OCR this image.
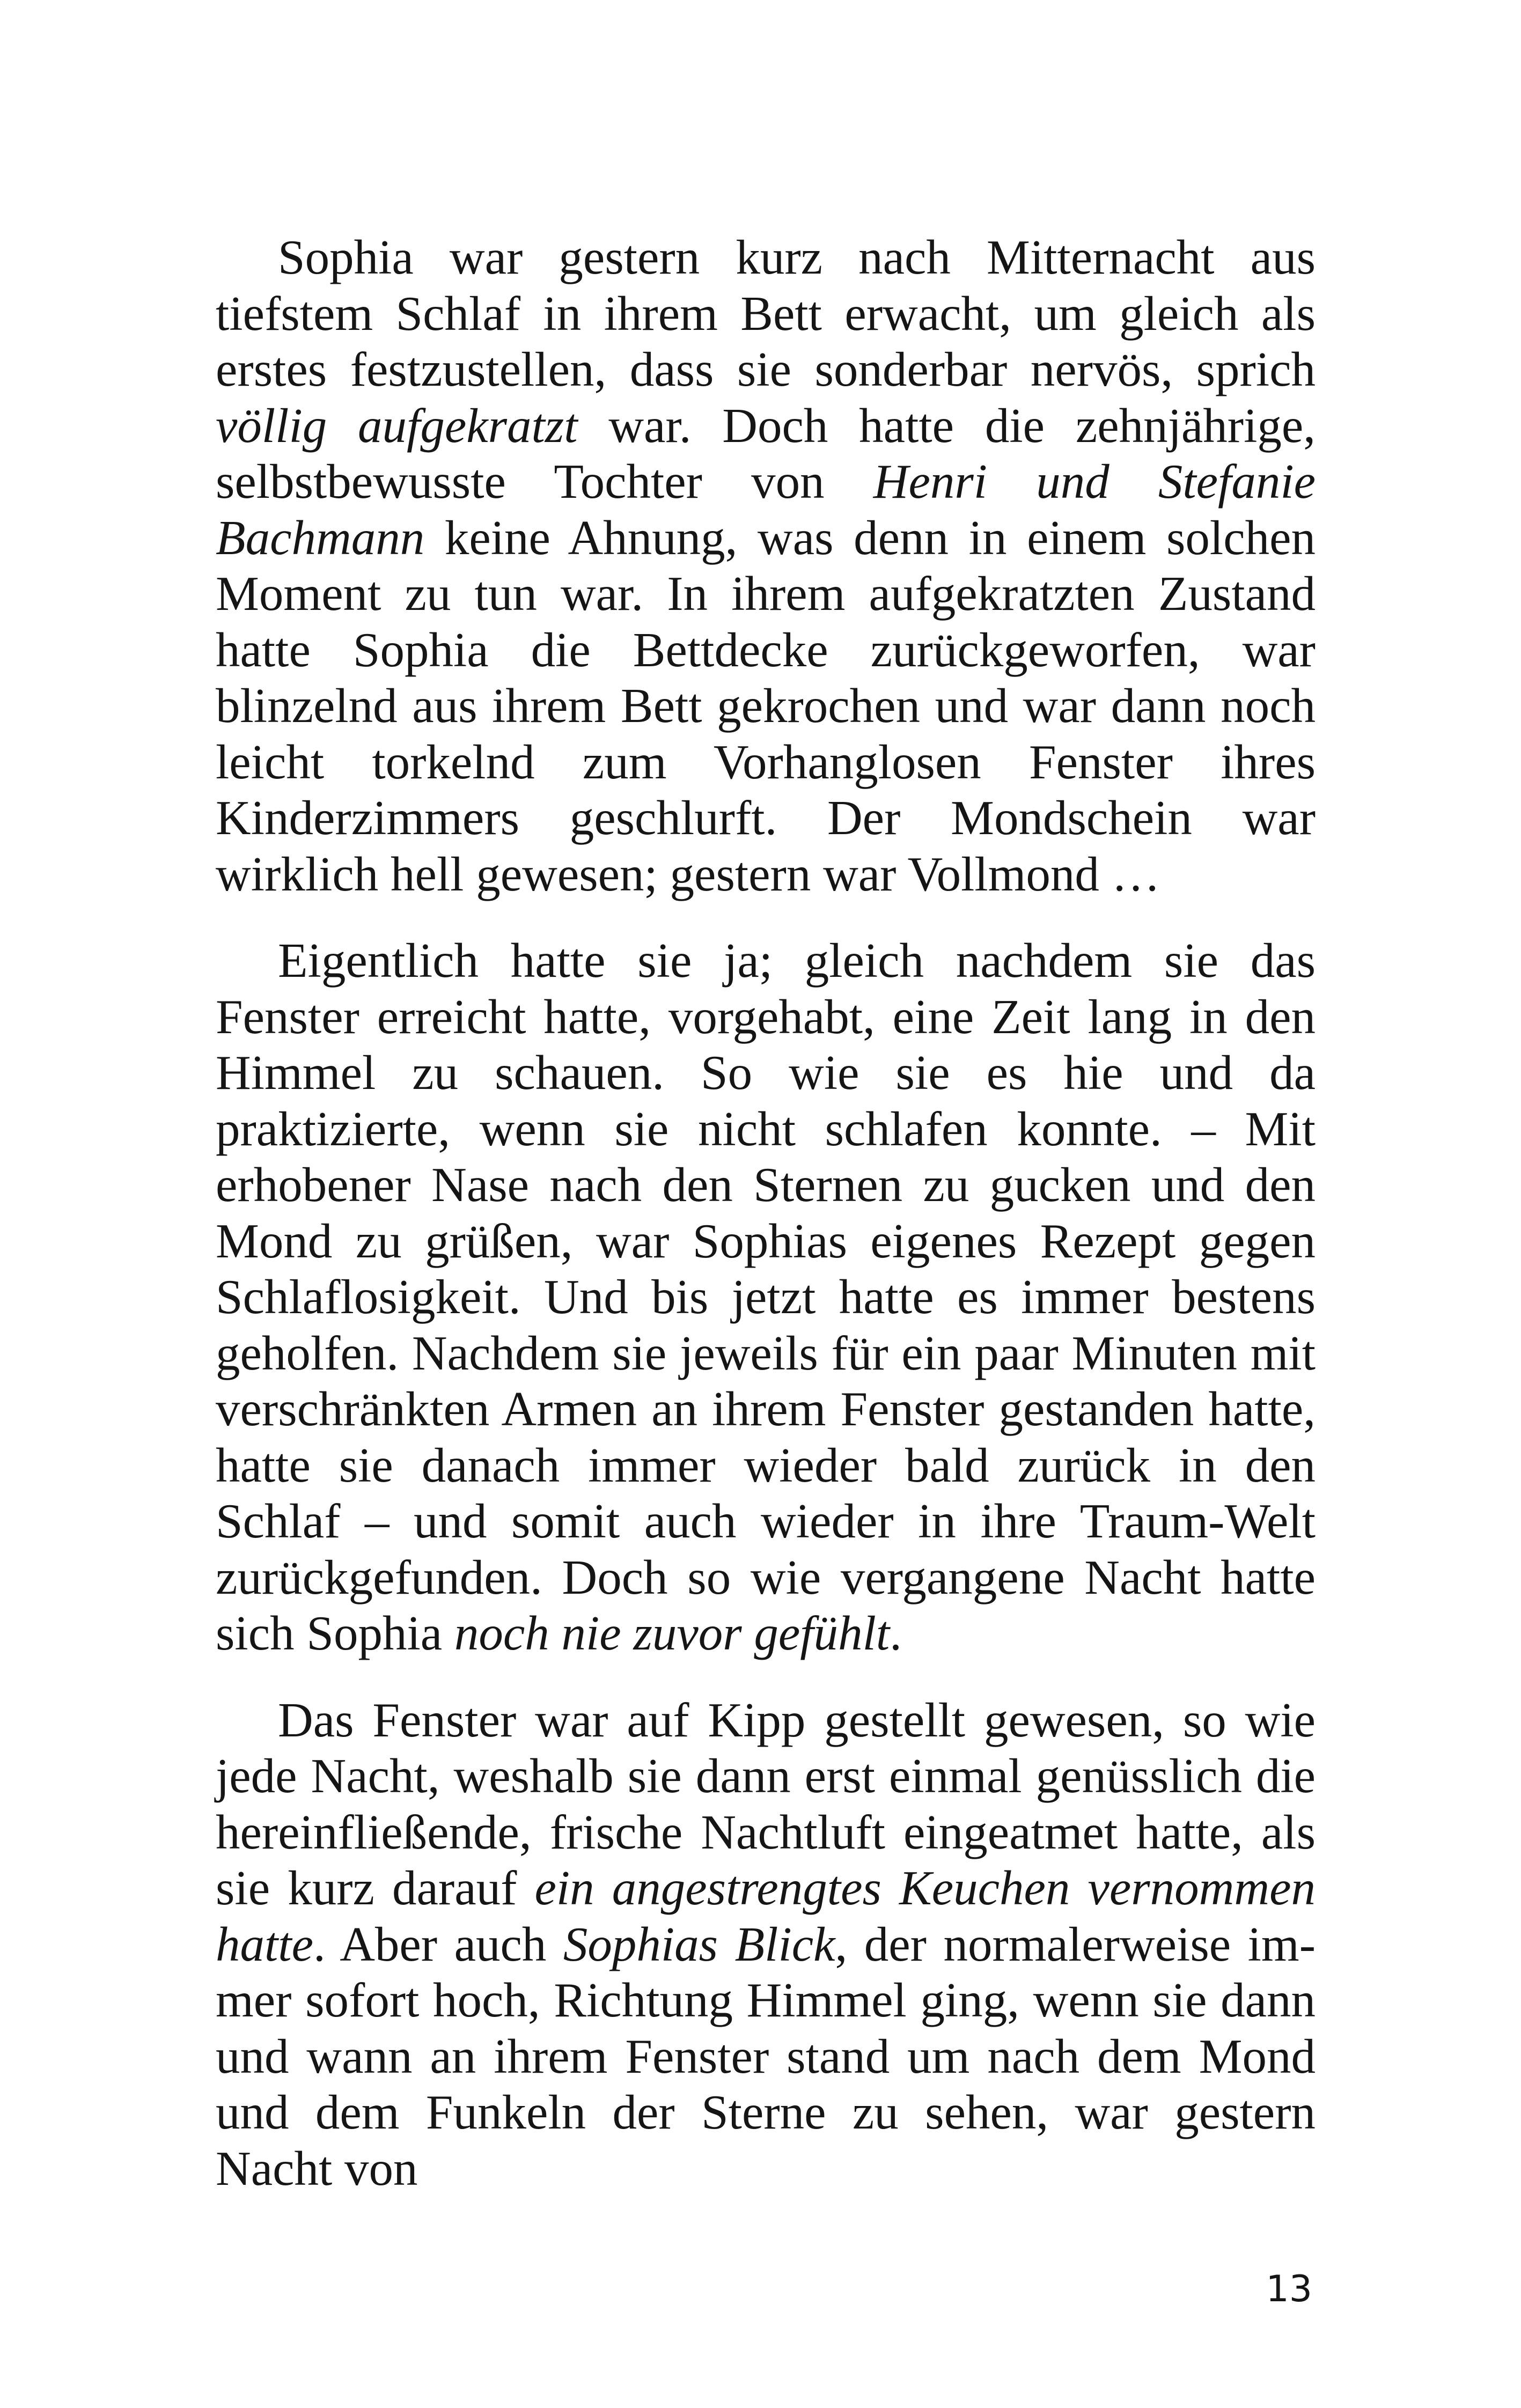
Sophia war gestern kurz nach Mitternacht aus tiefstem Schlaf in ihrem Bett erwacht, um gleich als erstes festzustellen, dass sie sonderbar nervös, sprich völlig aufgekratzt war. Doch hatte die zehnjährige, selbstbewusste Tochter von Henri und Stefanie Bachmann keine Ahnung, was denn in einem solchen Moment zu tun war. In ihrem aufgekratzten Zustand hatte Sophia die Bettdecke zurückgeworfen, war blinzelnd aus ihrem Bett gekrochen und war dann noch leicht torkelnd zum Vorhanglosen Fenster ihres Kinderzimmers geschlurft. Der Mondschein war wirklich hell gewesen; gestern war Vollmond …

Eigentlich hatte sie ja; gleich nachdem sie das Fenster erreicht hatte, vorgehabt, eine Zeit lang in den Himmel zu schauen. So wie sie es hie und da praktizierte, wenn sie nicht schlafen konnte. – Mit erhobener Nase nach den Sternen zu gucken und den Mond zu grüßen, war Sophias eigenes Rezept gegen Schlaflosigkeit. Und bis jetzt hatte es immer bestens geholfen. Nachdem sie jeweils für ein paar Minuten mit verschränkten Armen an ihrem Fenster gestanden hatte, hatte sie danach immer wieder bald zurück in den Schlaf – und somit auch wieder in ihre Traum-Welt zurückgefunden. Doch so wie vergangene Nacht hatte sich Sophia noch nie zuvor gefühlt.

Das Fenster war auf Kipp gestellt gewesen, so wie jede Nacht, weshalb sie dann erst einmal genüsslich die hereinfließende, frische Nachtluft eingeatmet hatte, als sie kurz darauf ein angestrengtes Keuchen vernommen hatte. Aber auch Sophias Blick, der normalerweise immer sofort hoch, Richtung Himmel ging, wenn sie dann und wann an ihrem Fenster stand um nach dem Mond und dem Funkeln der Sterne zu sehen, war gestern Nacht von

13
